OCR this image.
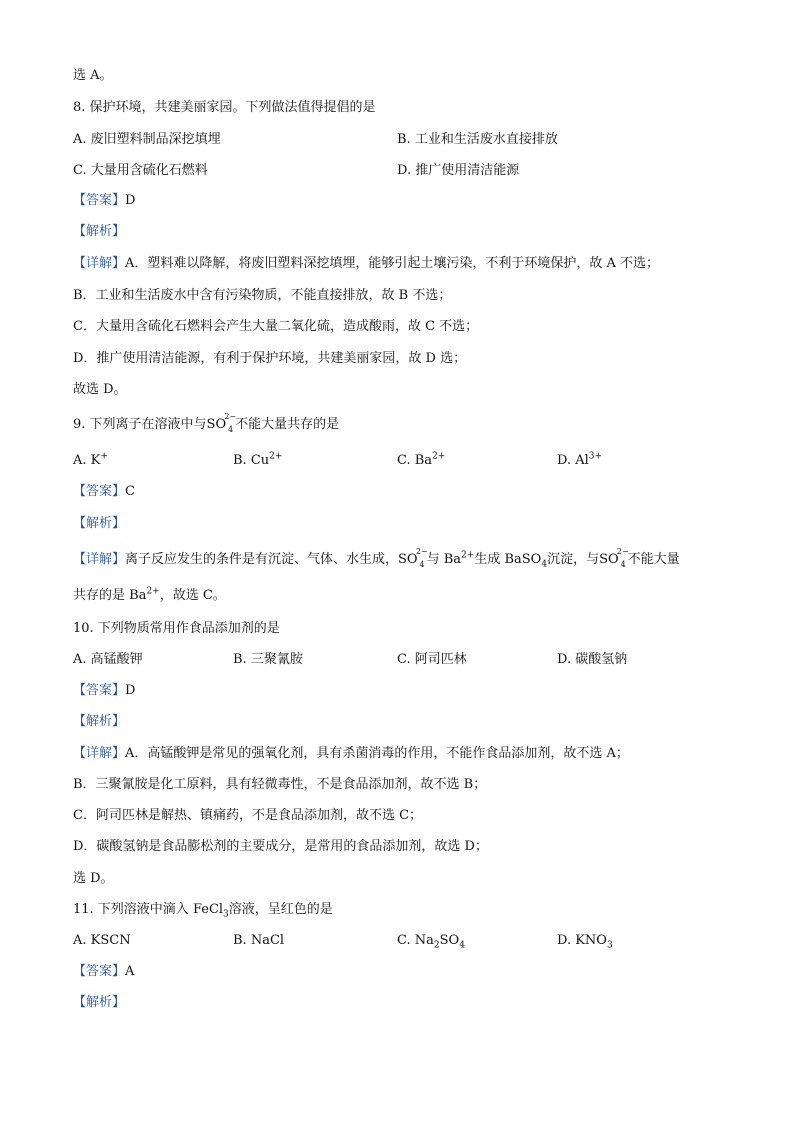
选 A。
8. 保护环境，共建美丽家园。下列做法值得提倡的是
A. 废旧塑料制品深挖填埋	B. 工业和生活废水直接排放
C. 大量用含硫化石燃料	D. 推广使用清洁能源
【答案】D
【解析】
【详解】A．塑料难以降解，将废旧塑料深挖填埋，能够引起土壤污染，不利于环境保护，故 A 不选；
B．工业和生活废水中含有污染物质，不能直接排放，故 B 不选；
C．大量用含硫化石燃料会产生大量二氧化硫，造成酸雨，故 C 不选；
D．推广使用清洁能源，有利于保护环境，共建美丽家园，故 D 选；
故选 D。
9. 下列离子在溶液中与SO
2−
4 不能大量共存的是
A. K+	B. $Cu^{2+}$	C. $Ba^{2+}$	D. $Al^{3+}$
【答案】C
【解析】
【详解】离子反应发生的条件是有沉淀、气体、水生成，SO
2−
4 与 $Ba^{2+}$生成 BaSO$_4$沉淀，与SO
2−
4 不能大量
共存的是 $Ba^{2+}$，故选 C。
10. 下列物质常用作食品添加剂的是
A. 高锰酸钾	B. 三聚氰胺	C. 阿司匹林	D. 碳酸氢钠
【答案】D
【解析】
【详解】A．高锰酸钾是常见的强氧化剂，具有杀菌消毒的作用，不能作食品添加剂，故不选 A；
B．三聚氰胺是化工原料，具有轻微毒性，不是食品添加剂，故不选 B；
C．阿司匹林是解热、镇痛药，不是食品添加剂，故不选 C；
D．碳酸氢钠是食品膨松剂的主要成分，是常用的食品添加剂，故选 D；
选 D。
11. 下列溶液中滴入 FeCl$_3$溶液，呈红色的是
A. KSCN	B. NaCl	C. $Na_2SO_4$	D. $KNO_3$
【答案】A
【解析】
